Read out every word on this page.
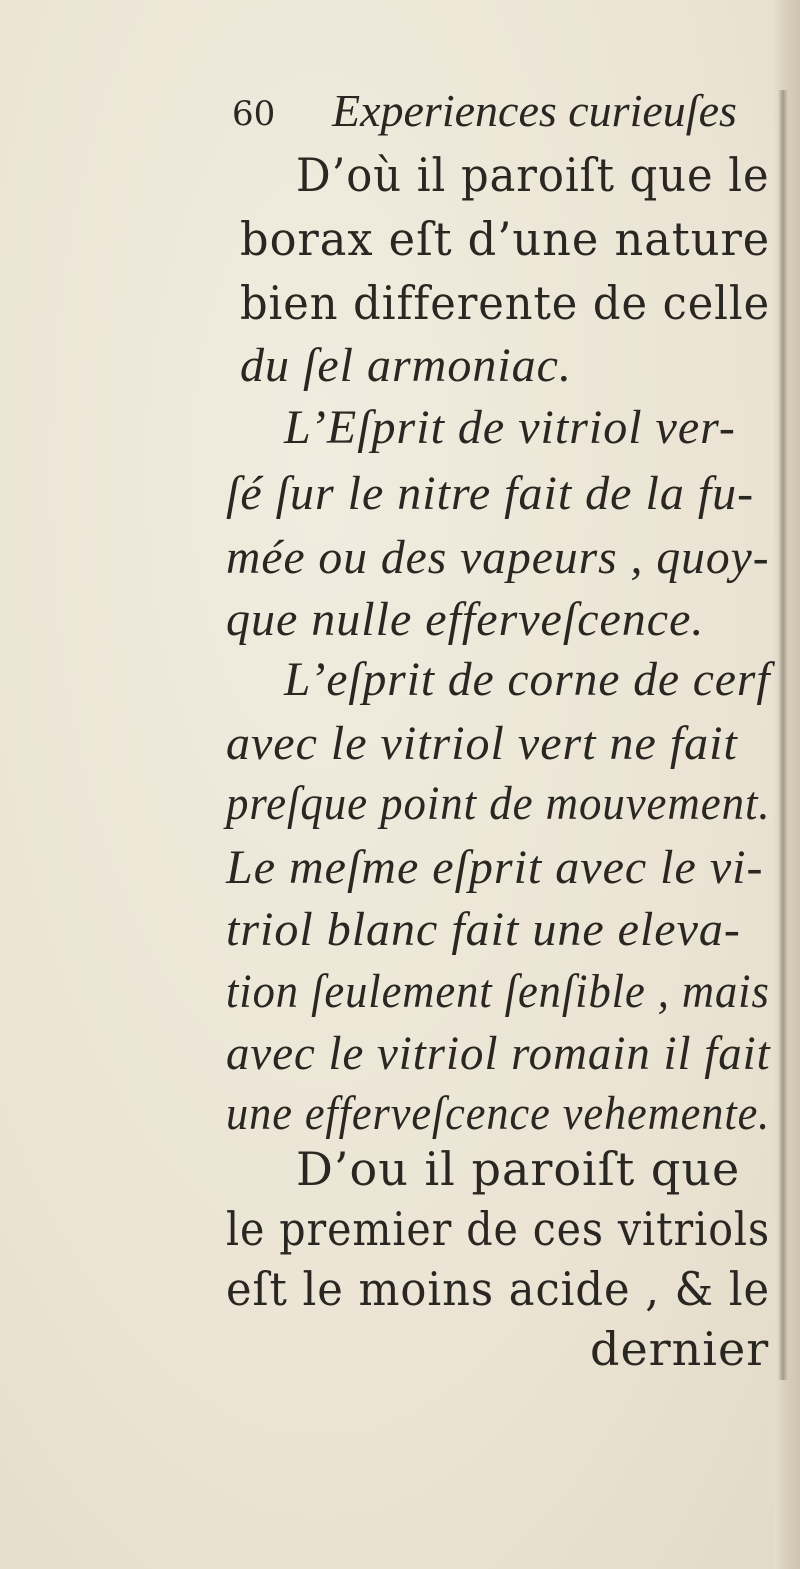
60 Experiences curieuſes
D’où il paroiſt que le
borax eſt d’une nature
bien differente de celle
du ſel armoniac.
L’Eſprit de vitriol ver-
ſé ſur le nitre fait de la fu-
mée ou des vapeurs , quoy-
que nulle efferveſcence.
L’eſprit de corne de cerf
avec le vitriol vert ne fait
preſque point de mouvement.
Le meſme eſprit avec le vi-
triol blanc fait une eleva-
tion ſeulement ſenſible , mais
avec le vitriol romain il fait
une efferveſcence vehemente.
D’ou il paroiſt que
le premier de ces vitriols
eſt le moins acide , & le
dernier
